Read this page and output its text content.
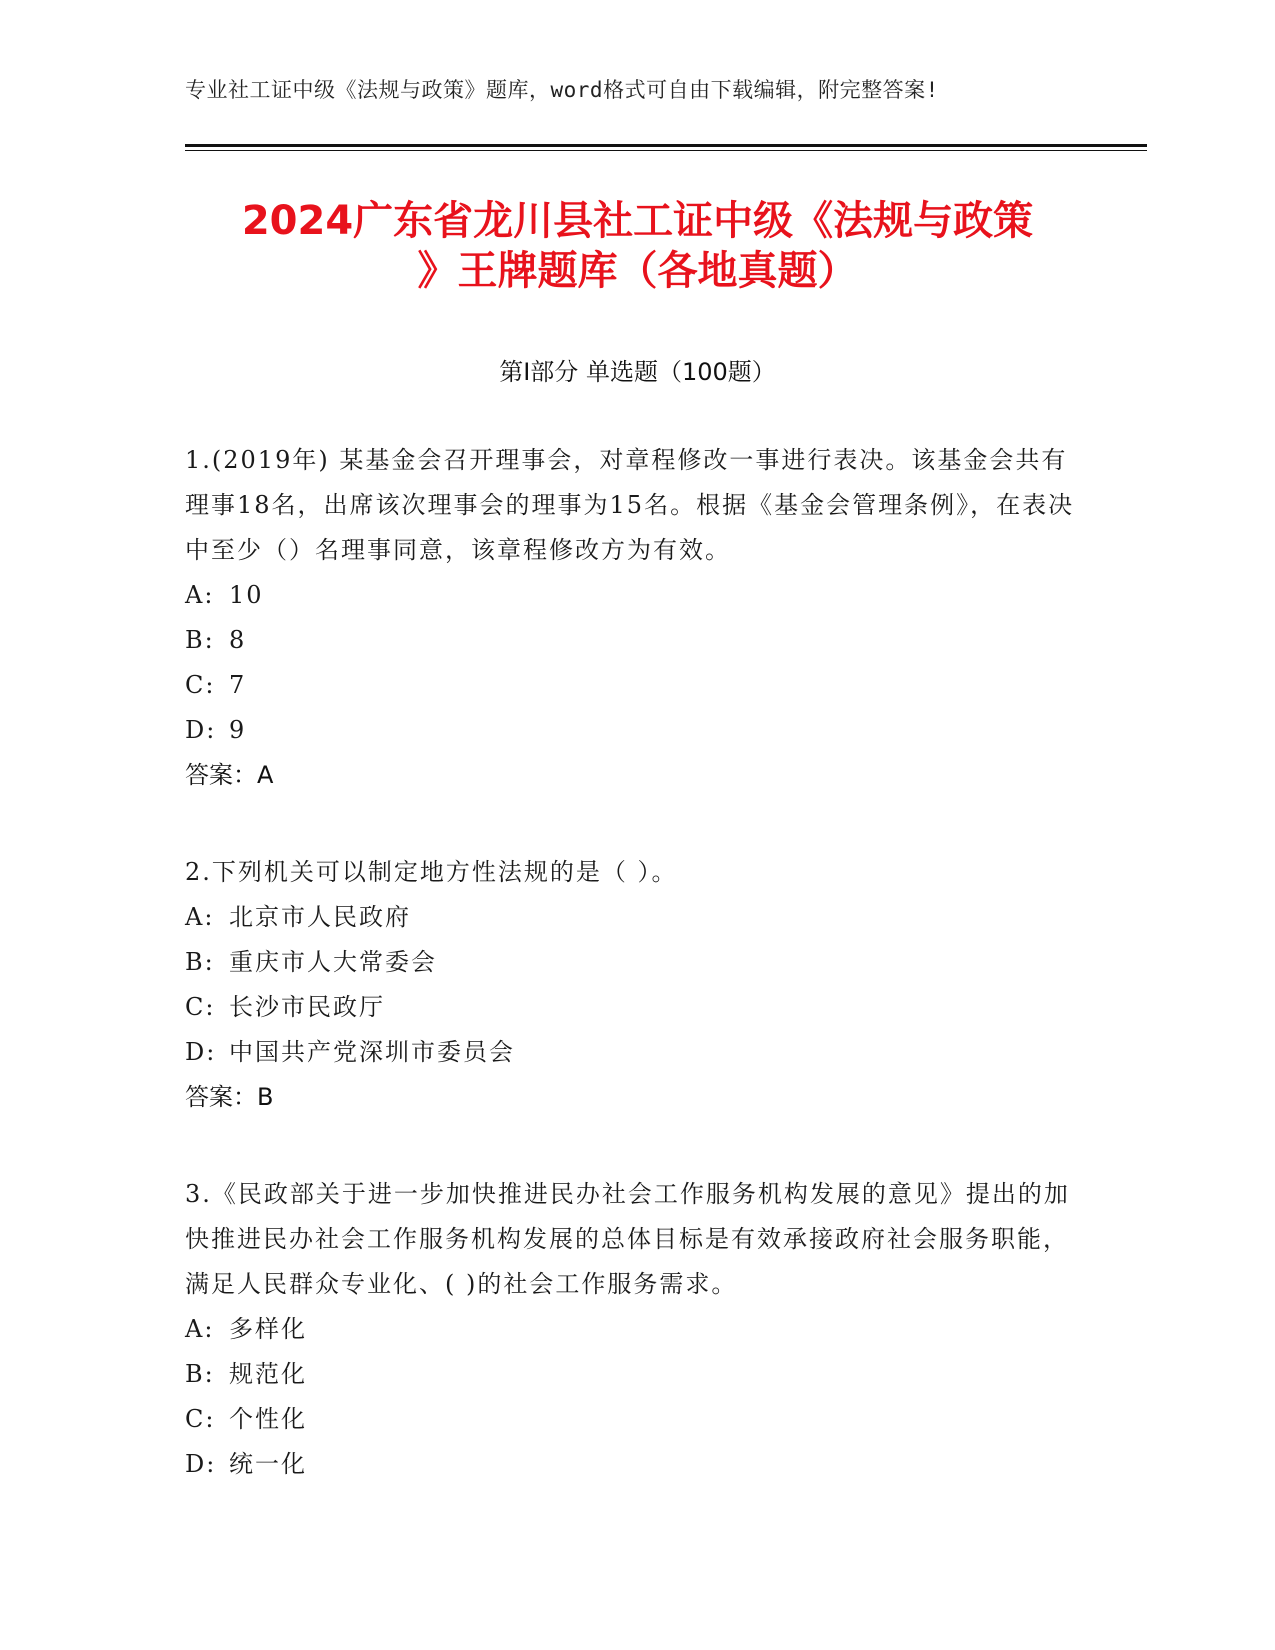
专业社工证中级《法规与政策》题库，word格式可自由下载编辑，附完整答案!
2024广东省龙川县社工证中级《法规与政策
》王牌题库（各地真题）
第Ⅰ部分 单选题（100题）

1.(2019年) 某基金会召开理事会，对章程修改一事进行表决。该基金会共有理事18名，出席该次理事会的理事为15名。根据《基金会管理条例》，在表决中至少（）名理事同意，该章程修改方为有效。

A: 10
B: 8
C: 7
D: 9
答案：A

2.下列机关可以制定地方性法规的是（ ）。

A: 北京市人民政府
B: 重庆市人大常委会
C: 长沙市民政厅
D: 中国共产党深圳市委员会
答案：B

3.《民政部关于进一步加快推进民办社会工作服务机构发展的意见》提出的加快推进民办社会工作服务机构发展的总体目标是有效承接政府社会服务职能，满足人民群众专业化、( )的社会工作服务需求。

A: 多样化
B: 规范化
C: 个性化
D: 统一化
